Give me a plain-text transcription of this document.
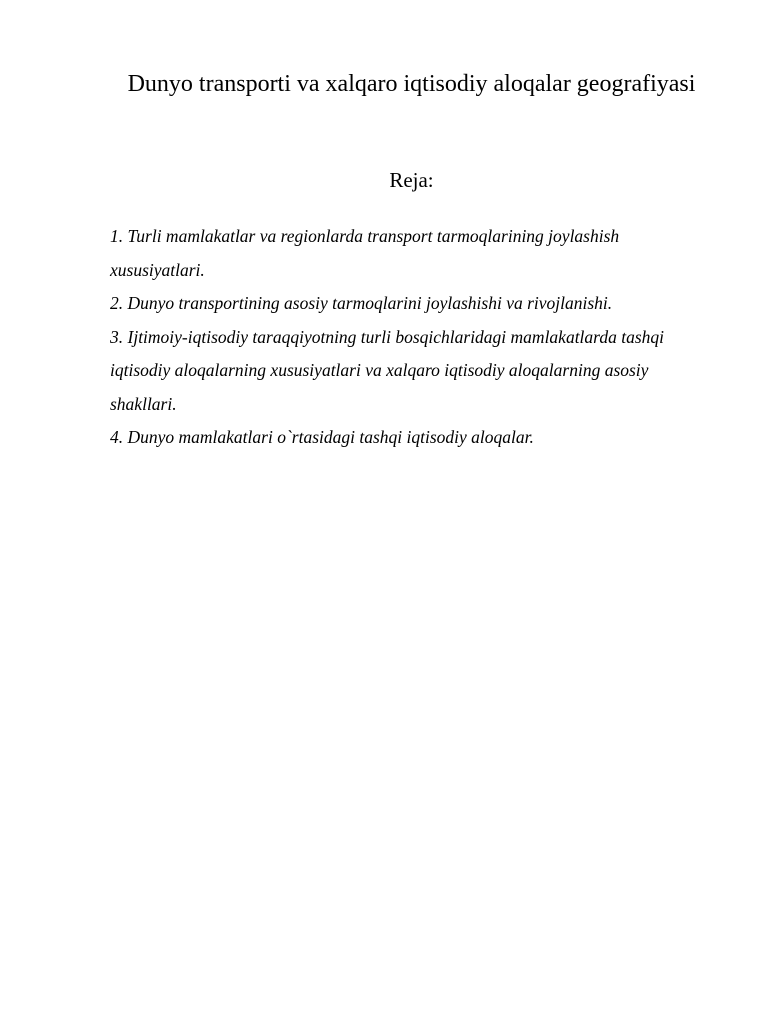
Dunyo transporti va xalqaro iqtisodiy aloqalar geografiyasi
Reja:
1. Turli mamlakatlar va regionlarda transport tarmoqlarining joylashish xususiyatlari.
2. Dunyo transportining asosiy tarmoqlarini joylashishi va rivojlanishi.
3. Ijtimoiy-iqtisodiy taraqqiyotning turli bosqichlaridagi mamlakatlarda tashqi iqtisodiy aloqalarning xususiyatlari va xalqaro iqtisodiy aloqalarning asosiy shakllari.
4. Dunyo mamlakatlari o`rtasidagi tashqi iqtisodiy aloqalar.
